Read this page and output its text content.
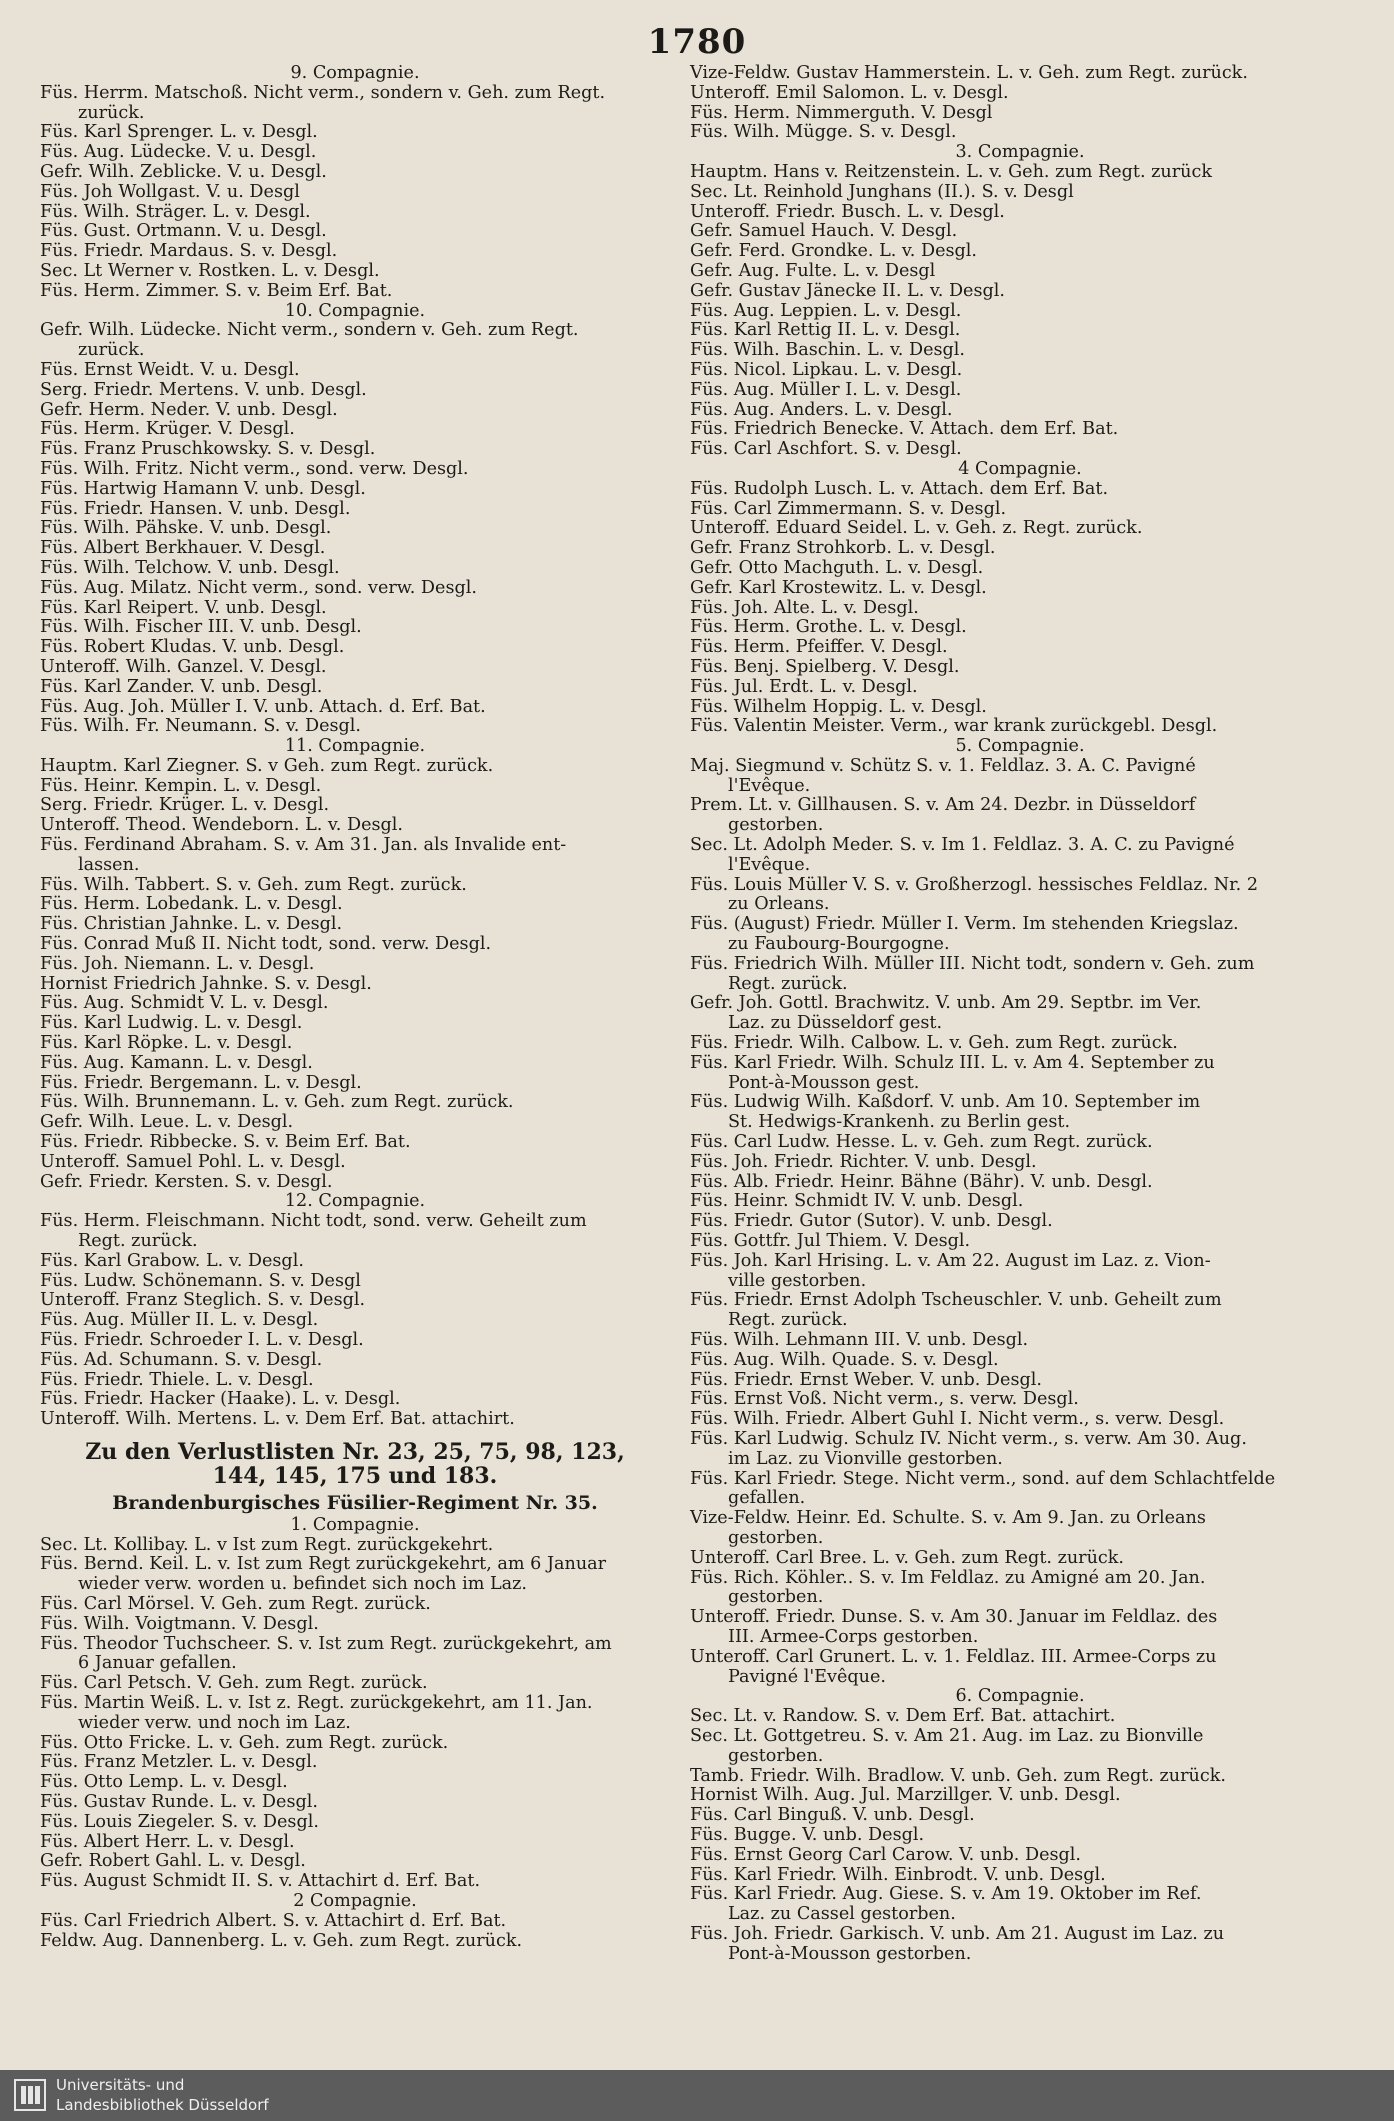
1780
9. Compagnie.
Füs. Herrm. Matschoß. Nicht verm., sondern v. Geh. zum Regt.
zurück.
Füs. Karl Sprenger. L. v. Desgl.
Füs. Aug. Lüdecke. V. u. Desgl.
Gefr. Wilh. Zeblicke. V. u. Desgl.
Füs. Joh Wollgast. V. u. Desgl
Füs. Wilh. Sträger. L. v. Desgl.
Füs. Gust. Ortmann. V. u. Desgl.
Füs. Friedr. Mardaus. S. v. Desgl.
Sec. Lt Werner v. Rostken. L. v. Desgl.
Füs. Herm. Zimmer. S. v. Beim Erf. Bat.
10. Compagnie.
Gefr. Wilh. Lüdecke. Nicht verm., sondern v. Geh. zum Regt.
zurück.
Füs. Ernst Weidt. V. u. Desgl.
Serg. Friedr. Mertens. V. unb. Desgl.
Gefr. Herm. Neder. V. unb. Desgl.
Füs. Herm. Krüger. V. Desgl.
Füs. Franz Pruschkowsky. S. v. Desgl.
Füs. Wilh. Fritz. Nicht verm., sond. verw. Desgl.
Füs. Hartwig Hamann V. unb. Desgl.
Füs. Friedr. Hansen. V. unb. Desgl.
Füs. Wilh. Pähske. V. unb. Desgl.
Füs. Albert Berkhauer. V. Desgl.
Füs. Wilh. Telchow. V. unb. Desgl.
Füs. Aug. Milatz. Nicht verm., sond. verw. Desgl.
Füs. Karl Reipert. V. unb. Desgl.
Füs. Wilh. Fischer III. V. unb. Desgl.
Füs. Robert Kludas. V. unb. Desgl.
Unteroff. Wilh. Ganzel. V. Desgl.
Füs. Karl Zander. V. unb. Desgl.
Füs. Aug. Joh. Müller I. V. unb. Attach. d. Erf. Bat.
Füs. Wilh. Fr. Neumann. S. v. Desgl.
11. Compagnie.
Hauptm. Karl Ziegner. S. v Geh. zum Regt. zurück.
Füs. Heinr. Kempin. L. v. Desgl.
Serg. Friedr. Krüger. L. v. Desgl.
Unteroff. Theod. Wendeborn. L. v. Desgl.
Füs. Ferdinand Abraham. S. v. Am 31. Jan. als Invalide ent-
lassen.
Füs. Wilh. Tabbert. S. v. Geh. zum Regt. zurück.
Füs. Herm. Lobedank. L. v. Desgl.
Füs. Christian Jahnke. L. v. Desgl.
Füs. Conrad Muß II. Nicht todt, sond. verw. Desgl.
Füs. Joh. Niemann. L. v. Desgl.
Hornist Friedrich Jahnke. S. v. Desgl.
Füs. Aug. Schmidt V. L. v. Desgl.
Füs. Karl Ludwig. L. v. Desgl.
Füs. Karl Röpke. L. v. Desgl.
Füs. Aug. Kamann. L. v. Desgl.
Füs. Friedr. Bergemann. L. v. Desgl.
Füs. Wilh. Brunnemann. L. v. Geh. zum Regt. zurück.
Gefr. Wilh. Leue. L. v. Desgl.
Füs. Friedr. Ribbecke. S. v. Beim Erf. Bat.
Unteroff. Samuel Pohl. L. v. Desgl.
Gefr. Friedr. Kersten. S. v. Desgl.
12. Compagnie.
Füs. Herm. Fleischmann. Nicht todt, sond. verw. Geheilt zum
Regt. zurück.
Füs. Karl Grabow. L. v. Desgl.
Füs. Ludw. Schönemann. S. v. Desgl
Unteroff. Franz Steglich. S. v. Desgl.
Füs. Aug. Müller II. L. v. Desgl.
Füs. Friedr. Schroeder I. L. v. Desgl.
Füs. Ad. Schumann. S. v. Desgl.
Füs. Friedr. Thiele. L. v. Desgl.
Füs. Friedr. Hacker (Haake). L. v. Desgl.
Unteroff. Wilh. Mertens. L. v. Dem Erf. Bat. attachirt.
Zu den Verlustlisten Nr. 23, 25, 75, 98, 123,
144, 145, 175 und 183.
Brandenburgisches Füsilier-Regiment Nr. 35.
1. Compagnie.
Sec. Lt. Kollibay. L. v Ist zum Regt. zurückgekehrt.
Füs. Bernd. Keil. L. v. Ist zum Regt zurückgekehrt, am 6 Januar
wieder verw. worden u. befindet sich noch im Laz.
Füs. Carl Mörsel. V. Geh. zum Regt. zurück.
Füs. Wilh. Voigtmann. V. Desgl.
Füs. Theodor Tuchscheer. S. v. Ist zum Regt. zurückgekehrt, am
6 Januar gefallen.
Füs. Carl Petsch. V. Geh. zum Regt. zurück.
Füs. Martin Weiß. L. v. Ist z. Regt. zurückgekehrt, am 11. Jan.
wieder verw. und noch im Laz.
Füs. Otto Fricke. L. v. Geh. zum Regt. zurück.
Füs. Franz Metzler. L. v. Desgl.
Füs. Otto Lemp. L. v. Desgl.
Füs. Gustav Runde. L. v. Desgl.
Füs. Louis Ziegeler. S. v. Desgl.
Füs. Albert Herr. L. v. Desgl.
Gefr. Robert Gahl. L. v. Desgl.
Füs. August Schmidt II. S. v. Attachirt d. Erf. Bat.
2 Compagnie.
Füs. Carl Friedrich Albert. S. v. Attachirt d. Erf. Bat.
Feldw. Aug. Dannenberg. L. v. Geh. zum Regt. zurück.
Vize-Feldw. Gustav Hammerstein. L. v. Geh. zum Regt. zurück.
Unteroff. Emil Salomon. L. v. Desgl.
Füs. Herm. Nimmerguth. V. Desgl
Füs. Wilh. Mügge. S. v. Desgl.
3. Compagnie.
Hauptm. Hans v. Reitzenstein. L. v. Geh. zum Regt. zurück
Sec. Lt. Reinhold Junghans (II.). S. v. Desgl
Unteroff. Friedr. Busch. L. v. Desgl.
Gefr. Samuel Hauch. V. Desgl.
Gefr. Ferd. Grondke. L. v. Desgl.
Gefr. Aug. Fulte. L. v. Desgl
Gefr. Gustav Jänecke II. L. v. Desgl.
Füs. Aug. Leppien. L. v. Desgl.
Füs. Karl Rettig II. L. v. Desgl.
Füs. Wilh. Baschin. L. v. Desgl.
Füs. Nicol. Lipkau. L. v. Desgl.
Füs. Aug. Müller I. L. v. Desgl.
Füs. Aug. Anders. L. v. Desgl.
Füs. Friedrich Benecke. V. Attach. dem Erf. Bat.
Füs. Carl Aschfort. S. v. Desgl.
4 Compagnie.
Füs. Rudolph Lusch. L. v. Attach. dem Erf. Bat.
Füs. Carl Zimmermann. S. v. Desgl.
Unteroff. Eduard Seidel. L. v. Geh. z. Regt. zurück.
Gefr. Franz Strohkorb. L. v. Desgl.
Gefr. Otto Machguth. L. v. Desgl.
Gefr. Karl Krostewitz. L. v. Desgl.
Füs. Joh. Alte. L. v. Desgl.
Füs. Herm. Grothe. L. v. Desgl.
Füs. Herm. Pfeiffer. V. Desgl.
Füs. Benj. Spielberg. V. Desgl.
Füs. Jul. Erdt. L. v. Desgl.
Füs. Wilhelm Hoppig. L. v. Desgl.
Füs. Valentin Meister. Verm., war krank zurückgebl. Desgl.
5. Compagnie.
Maj. Siegmund v. Schütz S. v. 1. Feldlaz. 3. A. C. Pavigné
l'Evêque.
Prem. Lt. v. Gillhausen. S. v. Am 24. Dezbr. in Düsseldorf
gestorben.
Sec. Lt. Adolph Meder. S. v. Im 1. Feldlaz. 3. A. C. zu Pavigné
l'Evêque.
Füs. Louis Müller V. S. v. Großherzogl. hessisches Feldlaz. Nr. 2
zu Orleans.
Füs. (August) Friedr. Müller I. Verm. Im stehenden Kriegslaz.
zu Faubourg-Bourgogne.
Füs. Friedrich Wilh. Müller III. Nicht todt, sondern v. Geh. zum
Regt. zurück.
Gefr. Joh. Gottl. Brachwitz. V. unb. Am 29. Septbr. im Ver.
Laz. zu Düsseldorf gest.
Füs. Friedr. Wilh. Calbow. L. v. Geh. zum Regt. zurück.
Füs. Karl Friedr. Wilh. Schulz III. L. v. Am 4. September zu
Pont-à-Mousson gest.
Füs. Ludwig Wilh. Kaßdorf. V. unb. Am 10. September im
St. Hedwigs-Krankenh. zu Berlin gest.
Füs. Carl Ludw. Hesse. L. v. Geh. zum Regt. zurück.
Füs. Joh. Friedr. Richter. V. unb. Desgl.
Füs. Alb. Friedr. Heinr. Bähne (Bähr). V. unb. Desgl.
Füs. Heinr. Schmidt IV. V. unb. Desgl.
Füs. Friedr. Gutor (Sutor). V. unb. Desgl.
Füs. Gottfr. Jul Thiem. V. Desgl.
Füs. Joh. Karl Hrising. L. v. Am 22. August im Laz. z. Vion-
ville gestorben.
Füs. Friedr. Ernst Adolph Tscheuschler. V. unb. Geheilt zum
Regt. zurück.
Füs. Wilh. Lehmann III. V. unb. Desgl.
Füs. Aug. Wilh. Quade. S. v. Desgl.
Füs. Friedr. Ernst Weber. V. unb. Desgl.
Füs. Ernst Voß. Nicht verm., s. verw. Desgl.
Füs. Wilh. Friedr. Albert Guhl I. Nicht verm., s. verw. Desgl.
Füs. Karl Ludwig. Schulz IV. Nicht verm., s. verw. Am 30. Aug.
im Laz. zu Vionville gestorben.
Füs. Karl Friedr. Stege. Nicht verm., sond. auf dem Schlachtfelde
gefallen.
Vize-Feldw. Heinr. Ed. Schulte. S. v. Am 9. Jan. zu Orleans
gestorben.
Unteroff. Carl Bree. L. v. Geh. zum Regt. zurück.
Füs. Rich. Köhler.. S. v. Im Feldlaz. zu Amigné am 20. Jan.
gestorben.
Unteroff. Friedr. Dunse. S. v. Am 30. Januar im Feldlaz. des
III. Armee-Corps gestorben.
Unteroff. Carl Grunert. L. v. 1. Feldlaz. III. Armee-Corps zu
Pavigné l'Evêque.
6. Compagnie.
Sec. Lt. v. Randow. S. v. Dem Erf. Bat. attachirt.
Sec. Lt. Gottgetreu. S. v. Am 21. Aug. im Laz. zu Bionville
gestorben.
Tamb. Friedr. Wilh. Bradlow. V. unb. Geh. zum Regt. zurück.
Hornist Wilh. Aug. Jul. Marzillger. V. unb. Desgl.
Füs. Carl Binguß. V. unb. Desgl.
Füs. Bugge. V. unb. Desgl.
Füs. Ernst Georg Carl Carow. V. unb. Desgl.
Füs. Karl Friedr. Wilh. Einbrodt. V. unb. Desgl.
Füs. Karl Friedr. Aug. Giese. S. v. Am 19. Oktober im Ref.
Laz. zu Cassel gestorben.
Füs. Joh. Friedr. Garkisch. V. unb. Am 21. August im Laz. zu
Pont-à-Mousson gestorben.
Universitäts- und
Landesbibliothek Düsseldorf
